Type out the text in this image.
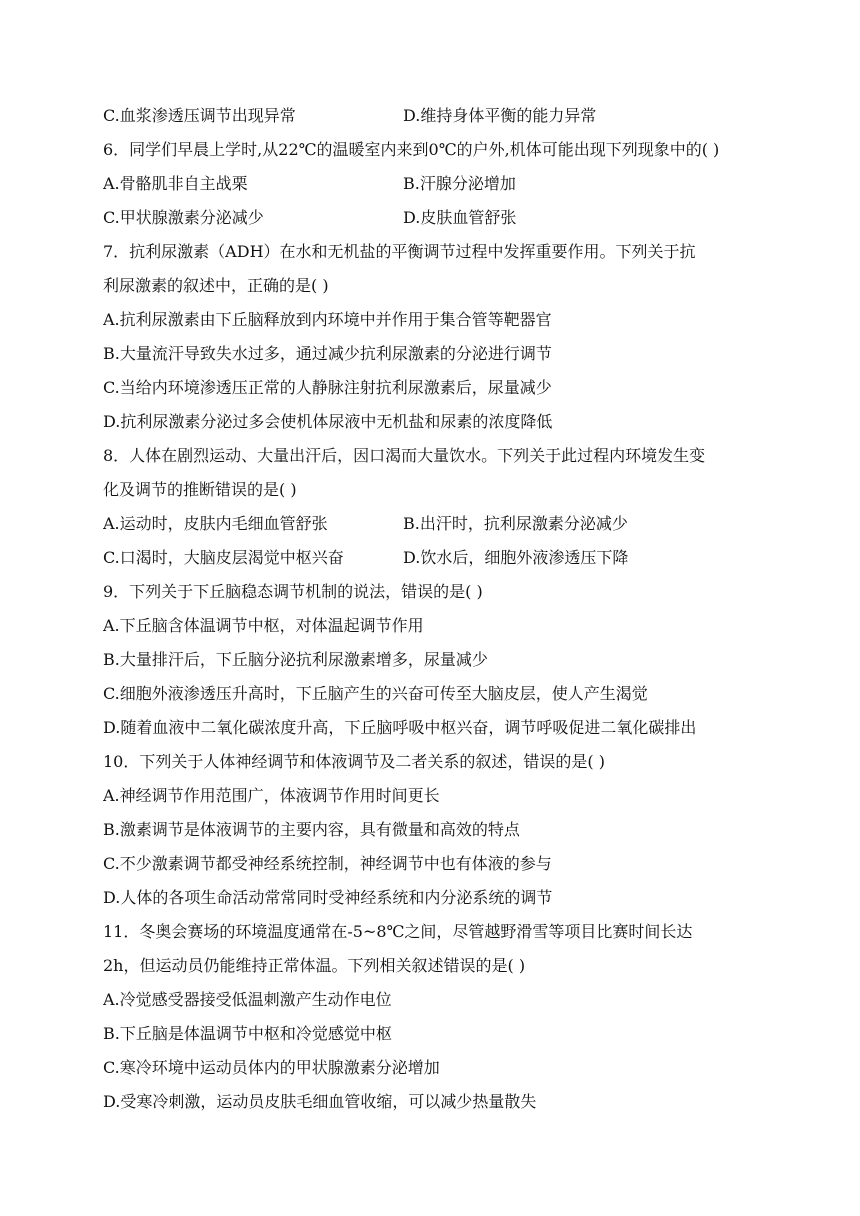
C.血浆渗透压调节出现异常	D.维持身体平衡的能力异常
6．同学们早晨上学时,从22℃的温暖室内来到0℃的户外,机体可能出现下列现象中的( )
A.骨骼肌非自主战栗	B.汗腺分泌增加
C.甲状腺激素分泌减少	D.皮肤血管舒张
7．抗利尿激素（ADH）在水和无机盐的平衡调节过程中发挥重要作用。下列关于抗
利尿激素的叙述中，正确的是( )
A.抗利尿激素由下丘脑释放到内环境中并作用于集合管等靶器官
B.大量流汗导致失水过多，通过减少抗利尿激素的分泌进行调节
C.当给内环境渗透压正常的人静脉注射抗利尿激素后，尿量减少
D.抗利尿激素分泌过多会使机体尿液中无机盐和尿素的浓度降低
8．人体在剧烈运动、大量出汗后，因口渴而大量饮水。下列关于此过程内环境发生变
化及调节的推断错误的是( )
A.运动时，皮肤内毛细血管舒张	B.出汗时，抗利尿激素分泌减少
C.口渴时，大脑皮层渴觉中枢兴奋	D.饮水后，细胞外液渗透压下降
9．下列关于下丘脑稳态调节机制的说法，错误的是( )
A.下丘脑含体温调节中枢，对体温起调节作用
B.大量排汗后，下丘脑分泌抗利尿激素增多，尿量减少
C.细胞外液渗透压升高时，下丘脑产生的兴奋可传至大脑皮层，使人产生渴觉
D.随着血液中二氧化碳浓度升高，下丘脑呼吸中枢兴奋，调节呼吸促进二氧化碳排出
10．下列关于人体神经调节和体液调节及二者关系的叙述，错误的是( )
A.神经调节作用范围广，体液调节作用时间更长
B.激素调节是体液调节的主要内容，具有微量和高效的特点
C.不少激素调节都受神经系统控制，神经调节中也有体液的参与
D.人体的各项生命活动常常同时受神经系统和内分泌系统的调节
11．冬奥会赛场的环境温度通常在-5~8℃之间，尽管越野滑雪等项目比赛时间长达
2h，但运动员仍能维持正常体温。下列相关叙述错误的是( )
A.冷觉感受器接受低温刺激产生动作电位
B.下丘脑是体温调节中枢和冷觉感觉中枢
C.寒冷环境中运动员体内的甲状腺激素分泌增加
D.受寒冷刺激，运动员皮肤毛细血管收缩，可以减少热量散失
